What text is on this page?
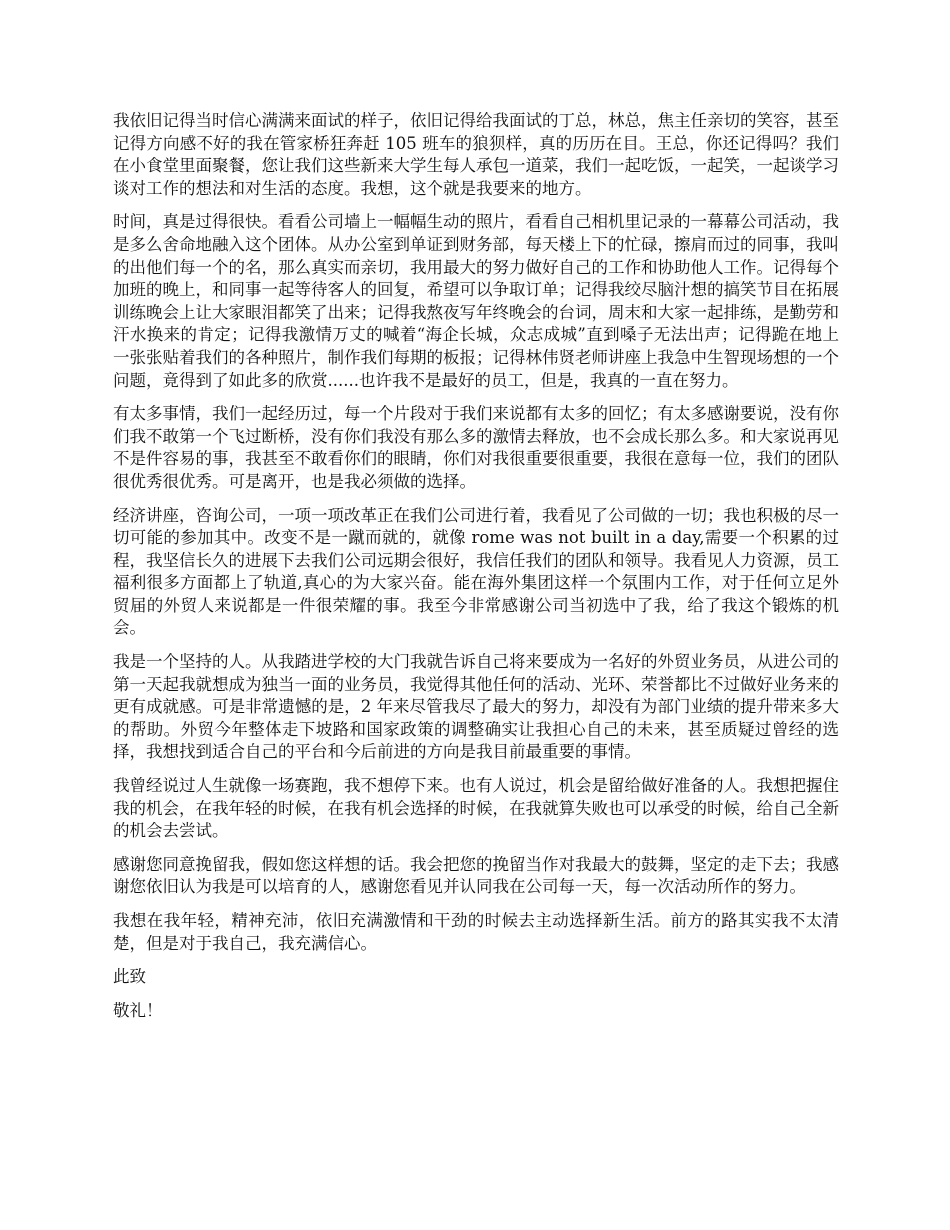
我依旧记得当时信心满满来面试的样子，依旧记得给我面试的丁总，林总，焦主任亲切的笑容，甚至记得方向感不好的我在管家桥狂奔赶 105 班车的狼狈样，真的历历在目。王总，你还记得吗？我们在小食堂里面聚餐，您让我们这些新来大学生每人承包一道菜，我们一起吃饭，一起笑，一起谈学习谈对工作的想法和对生活的态度。我想，这个就是我要来的地方。

时间，真是过得很快。看看公司墙上一幅幅生动的照片，看看自己相机里记录的一幕幕公司活动，我是多么舍命地融入这个团体。从办公室到单证到财务部，每天楼上下的忙碌，擦肩而过的同事，我叫的出他们每一个的名，那么真实而亲切，我用最大的努力做好自己的工作和协助他人工作。记得每个加班的晚上，和同事一起等待客人的回复，希望可以争取订单；记得我绞尽脑汁想的搞笑节目在拓展训练晚会上让大家眼泪都笑了出来；记得我熬夜写年终晚会的台词，周末和大家一起排练，是勤劳和汗水换来的肯定；记得我激情万丈的喊着“海企长城，众志成城”直到嗓子无法出声；记得跪在地上一张张贴着我们的各种照片，制作我们每期的板报；记得林伟贤老师讲座上我急中生智现场想的一个问题，竟得到了如此多的欣赏......也许我不是最好的员工，但是，我真的一直在努力。

有太多事情，我们一起经历过，每一个片段对于我们来说都有太多的回忆；有太多感谢要说，没有你们我不敢第一个飞过断桥，没有你们我没有那么多的激情去释放，也不会成长那么多。和大家说再见不是件容易的事，我甚至不敢看你们的眼睛，你们对我很重要很重要，我很在意每一位，我们的团队很优秀很优秀。可是离开，也是我必须做的选择。

经济讲座，咨询公司，一项一项改革正在我们公司进行着，我看见了公司做的一切；我也积极的尽一切可能的参加其中。改变不是一蹴而就的，就像 rome was not built in a day,需要一个积累的过程，我坚信长久的进展下去我们公司远期会很好，我信任我们的团队和领导。我看见人力资源，员工福利很多方面都上了轨道,真心的为大家兴奋。能在海外集团这样一个氛围内工作，对于任何立足外贸届的外贸人来说都是一件很荣耀的事。我至今非常感谢公司当初选中了我，给了我这个锻炼的机会。

我是一个坚持的人。从我踏进学校的大门我就告诉自己将来要成为一名好的外贸业务员，从进公司的第一天起我就想成为独当一面的业务员，我觉得其他任何的活动、光环、荣誉都比不过做好业务来的更有成就感。可是非常遗憾的是，2 年来尽管我尽了最大的努力，却没有为部门业绩的提升带来多大的帮助。外贸今年整体走下坡路和国家政策的调整确实让我担心自己的未来，甚至质疑过曾经的选择，我想找到适合自己的平台和今后前进的方向是我目前最重要的事情。

我曾经说过人生就像一场赛跑，我不想停下来。也有人说过，机会是留给做好准备的人。我想把握住我的机会，在我年轻的时候，在我有机会选择的时候，在我就算失败也可以承受的时候，给自己全新的机会去尝试。

感谢您同意挽留我，假如您这样想的话。我会把您的挽留当作对我最大的鼓舞，坚定的走下去；我感谢您依旧认为我是可以培育的人，感谢您看见并认同我在公司每一天，每一次活动所作的努力。

我想在我年轻，精神充沛，依旧充满激情和干劲的时候去主动选择新生活。前方的路其实我不太清楚，但是对于我自己，我充满信心。

此致

敬礼！
